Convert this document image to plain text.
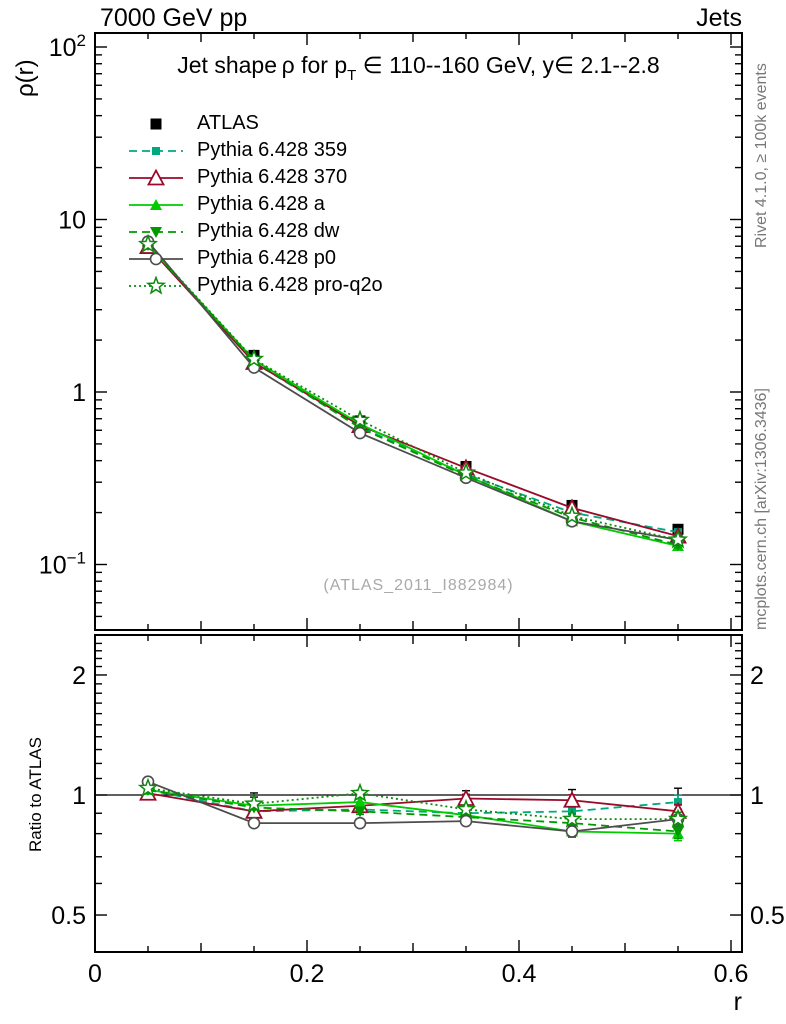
$10^2$
10
1
$10^{-1}$
2	2
1	1
0.5	0.5
0	0.2	0.4	0.6
7000 GeV pp	Jets
Jet shape ρ for $p_T$ ∈ 110--160 GeV, y∈ 2.1--2.8
ρ(r)
Ratio to ATLAS
r
(ATLAS_2011_I882984)
Rivet 4.1.0, ≥ 100k events
mcplots.cern.ch [arXiv:1306.3436]
ATLAS
Pythia 6.428 359
Pythia 6.428 370
Pythia 6.428 a
Pythia 6.428 dw
Pythia 6.428 p0
Pythia 6.428 pro-q2o
